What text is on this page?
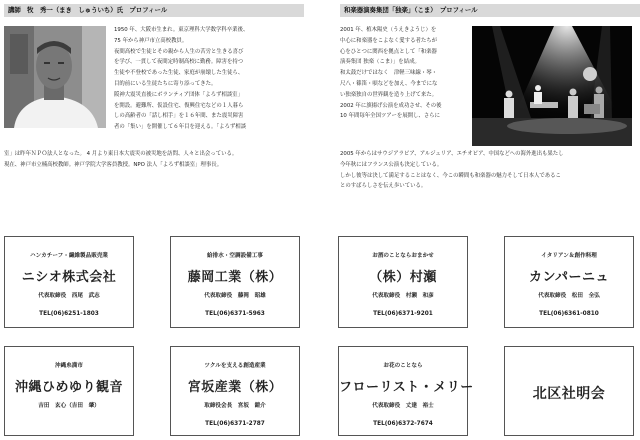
講師　牧　秀一（まき　しゅういち）氏　プロフィール

1950 年、大阪市生まれ。東京理科大学数学科卒業後、

75 年から神戸市立高校教員。

夜間高校で生徒とその親から人生の苦労と生きる喜び

を学び、一貫して夜間定時制高校に勤務。障害を持つ

生徒や不登校であった生徒、家庭が崩壊した生徒ら、

目的前にいる生徒たちに寄り添ってきた。

阪神大震災直後にボランティア団体「よろず相談室」

を開設。避難所、仮設住宅、復興住宅などの１人暮ら

しの高齢者の「話し相手」を１６年間、また震災障害

者の「集い」を開催して６年目を迎える。「よろず相談

室」は昨年ＮＰＯ法人となった。 4 月より東日本大震災の被災地を訪問、人々と出会っている。

現在、神戸市立楠高校教師。神戸学院大学客員教授。NPO 法人「よろず相談室」理事長。

和楽器演奏集団「独楽」（こま）　プロフィール

2001 年、植木陽史（うえきようじ）を

中心に和楽器をこよなく愛する者たちが

心をひとつに関西を拠点として「和楽器

演奏集団 独楽（こま）」を結成。

和太鼓だけではなく　津軽三味線・琴・

尺八・篠笛・唄などを加え、今までにな

い独楽独自の世界観を造り上げて来た。

2002 年に旗揚げ公演を成功させ、その後

10 年間毎年全国ツアーを展開し、さらに

2005 年からはサウジアラビア、アルジェリア、エチオピア、中国などへの海外進出も果たし

今年秋にはフランス公演も決定している。

しかし彼等は決して満足することはなく、今この瞬間も和楽器の魅力そして日本人であるこ

とのすばらしさを伝え歩いている。

ハンカチーフ・繊維製品販売業
ニシオ株式会社
代表取締役　西尾　武志
TEL(06)6251-1803
給排水・空調設備工事
藤岡工業（株）
代表取締役　藤岡　昭雄
TEL(06)6371-5963
お酒のことならおまかせ
（株）村瀬
代表取締役　村瀬　和彦
TEL(06)6371-9201
イタリアン＆創作料理
カンパーニュ
代表取締役　松田　全弘
TEL(06)6361-0810
沖縄糸満市
沖縄ひめゆり観音
吉田　玄心（吉田　肇）
ツクルを支える創造産業
宮坂産業（株）
取締役会長　宮坂　鎧介
TEL(06)6371-2787
お花のことなら
フローリスト・メリー
代表取締役　丈達　裕士
TEL(06)6372-7674
北区社明会
